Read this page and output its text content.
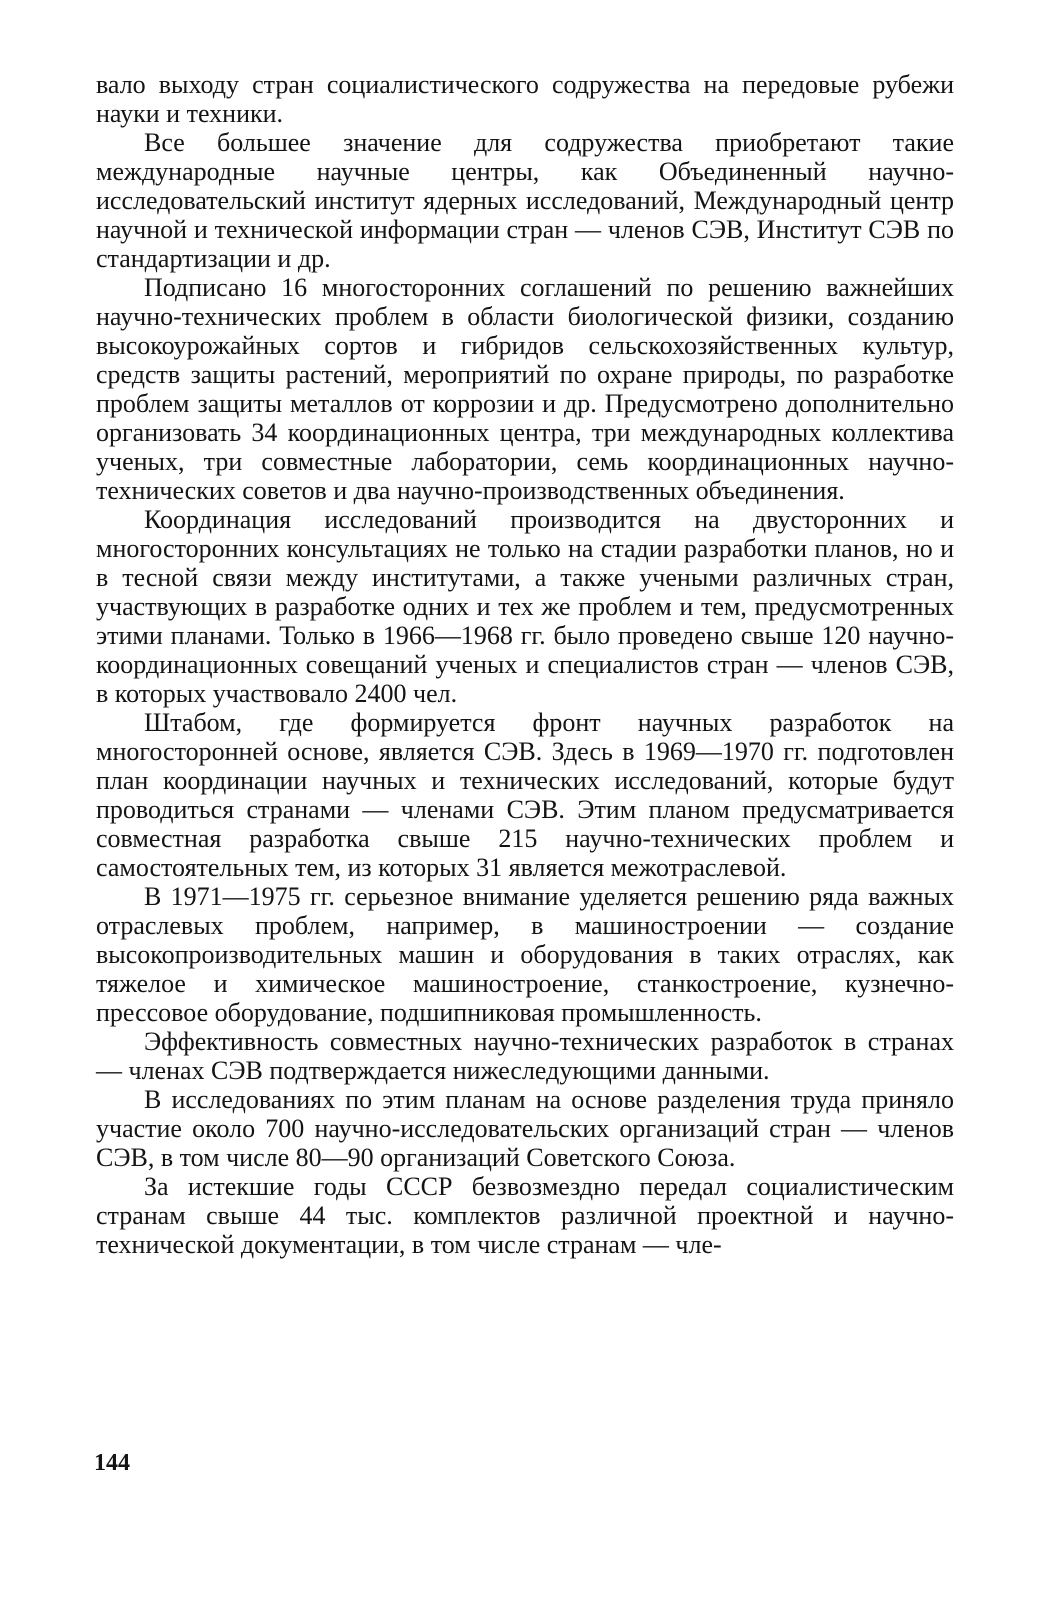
вало выходу стран социалистического содружества на передовые рубежи науки и техники.

Все большее значение для содружества приобретают такие международные научные центры, как Объединенный научно-исследовательский институт ядерных исследований, Международный центр научной и технической информации стран — членов СЭВ, Институт СЭВ по стандартизации и др.

Подписано 16 многосторонних соглашений по решению важнейших научно-технических проблем в области биологической физики, созданию высокоурожайных сортов и гибридов сельскохозяйственных культур, средств защиты растений, мероприятий по охране природы, по разработке проблем защиты металлов от коррозии и др. Предусмотрено дополнительно организовать 34 координационных центра, три международных коллектива ученых, три совместные лаборатории, семь координационных научно-технических советов и два научно-производственных объединения.

Координация исследований производится на двусторонних и многосторонних консультациях не только на стадии разработки планов, но и в тесной связи между институтами, а также учеными различных стран, участвующих в разработке одних и тех же проблем и тем, предусмотренных этими планами. Только в 1966—1968 гг. было проведено свыше 120 научно-координационных совещаний ученых и специалистов стран — членов СЭВ, в которых участвовало 2400 чел.

Штабом, где формируется фронт научных разработок на многосторонней основе, является СЭВ. Здесь в 1969—1970 гг. подготовлен план координации научных и технических исследований, которые будут проводиться странами — членами СЭВ. Этим планом предусматривается совместная разработка свыше 215 научно-технических проблем и самостоятельных тем, из которых 31 является межотраслевой.

В 1971—1975 гг. серьезное внимание уделяется решению ряда важных отраслевых проблем, например, в машиностроении — создание высокопроизводительных машин и оборудования в таких отраслях, как тяжелое и химическое машиностроение, станкостроение, кузнечно-прессовое оборудование, подшипниковая промышленность.

Эффективность совместных научно-технических разработок в странах — членах СЭВ подтверждается нижеследующими данными.

В исследованиях по этим планам на основе разделения труда приняло участие около 700 научно-исследовательских организаций стран — членов СЭВ, в том числе 80—90 организаций Советского Союза.

За истекшие годы СССР безвозмездно передал социалистическим странам свыше 44 тыс. комплектов различной проектной и научно-технической документации, в том числе странам — чле-

144
